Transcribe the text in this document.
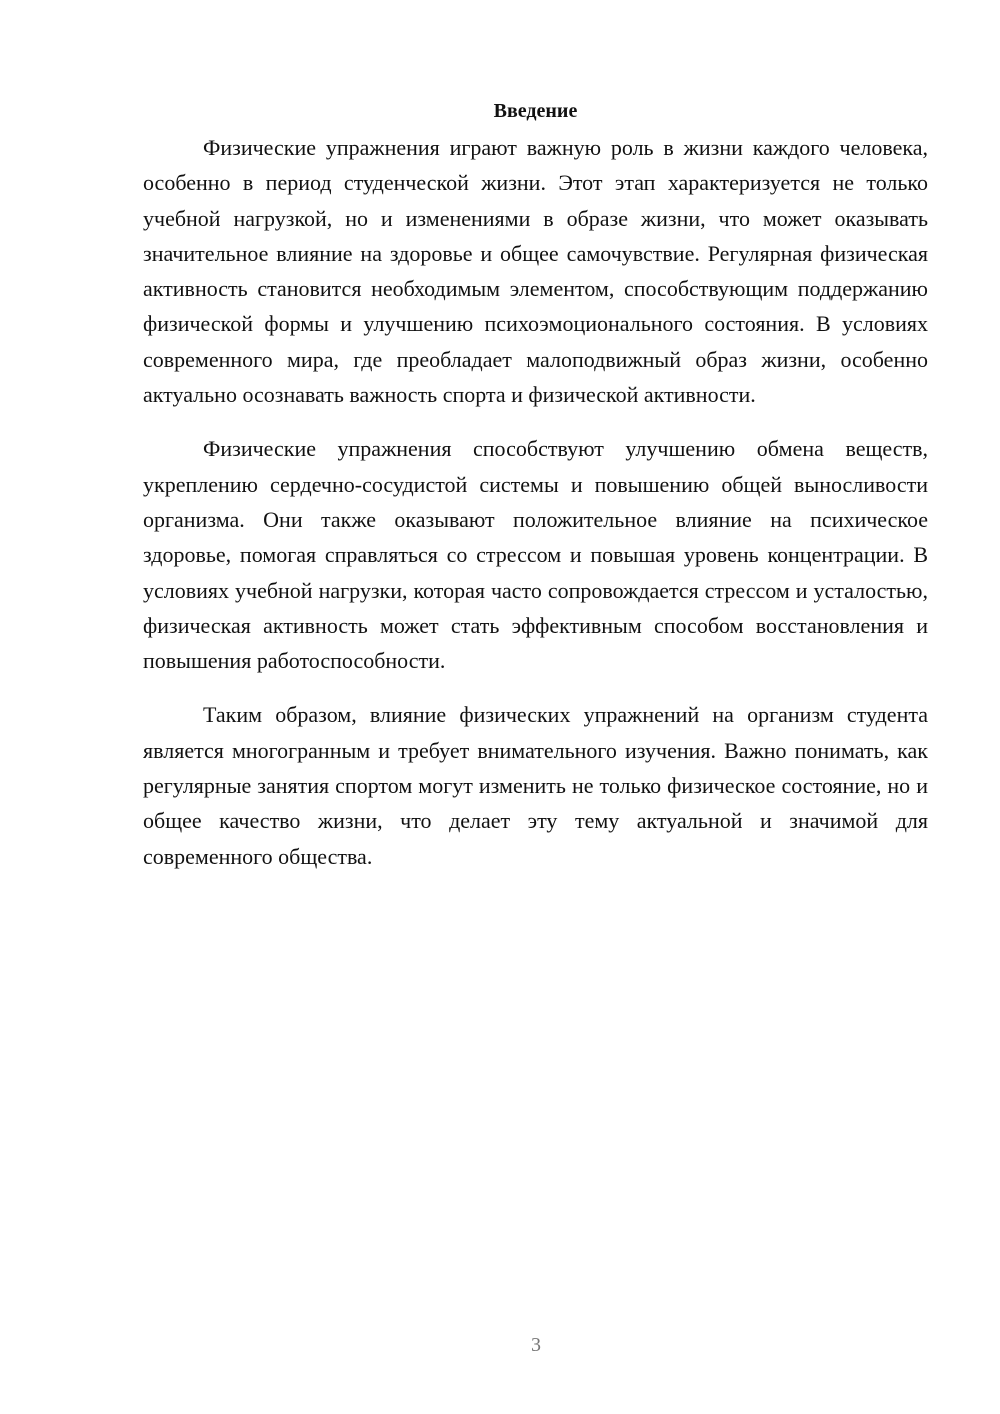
Введение

Физические упражнения играют важную роль в жизни каждого человека, особенно в период студенческой жизни. Этот этап характеризуется не только учебной нагрузкой, но и изменениями в образе жизни, что может оказывать значительное влияние на здоровье и общее самочувствие. Регулярная физическая активность становится необходимым элементом, способствующим поддержанию физической формы и улучшению психоэмоционального состояния. В условиях современного мира, где преобладает малоподвижный образ жизни, особенно актуально осознавать важность спорта и физической активности.

Физические упражнения способствуют улучшению обмена веществ, укреплению сердечно-сосудистой системы и повышению общей выносливости организма. Они также оказывают положительное влияние на психическое здоровье, помогая справляться со стрессом и повышая уровень концентрации. В условиях учебной нагрузки, которая часто сопровождается стрессом и усталостью, физическая активность может стать эффективным способом восстановления и повышения работоспособности.

Таким образом, влияние физических упражнений на организм студента является многогранным и требует внимательного изучения. Важно понимать, как регулярные занятия спортом могут изменить не только физическое состояние, но и общее качество жизни, что делает эту тему актуальной и значимой для современного общества.

3
